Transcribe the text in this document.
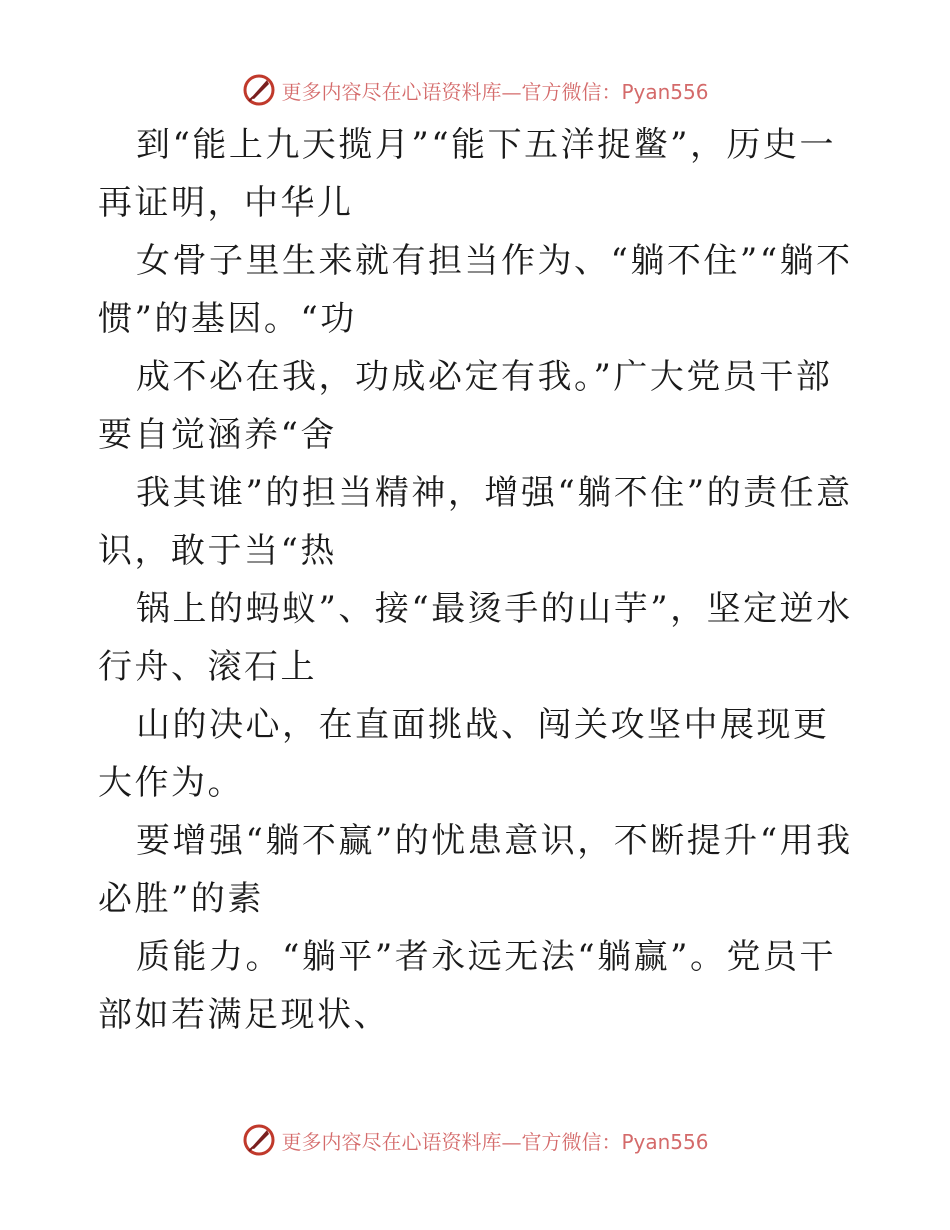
更多内容尽在心语资料库— 官方微信：Pyan556

到“能上九天揽月”“能下五洋捉鳖”，历史一再证明，中华儿

女骨子里生来就有担当作为、“躺不住”“躺不惯”的基因。“功

成不必在我，功成必定有我。”广大党员干部要自觉涵养“舍

我其谁”的担当精神，增强“躺不住”的责任意识，敢于当“热

锅上的蚂蚁”、接“最烫手的山芋”，坚定逆水行舟、滚石上

山的决心，在直面挑战、闯关攻坚中展现更大作为。

要增强“躺不赢”的忧患意识，不断提升“用我必胜”的素

质能力。“躺平”者永远无法“躺赢”。党员干部如若满足现状、

更多内容尽在心语资料库— 官方微信：Pyan556
